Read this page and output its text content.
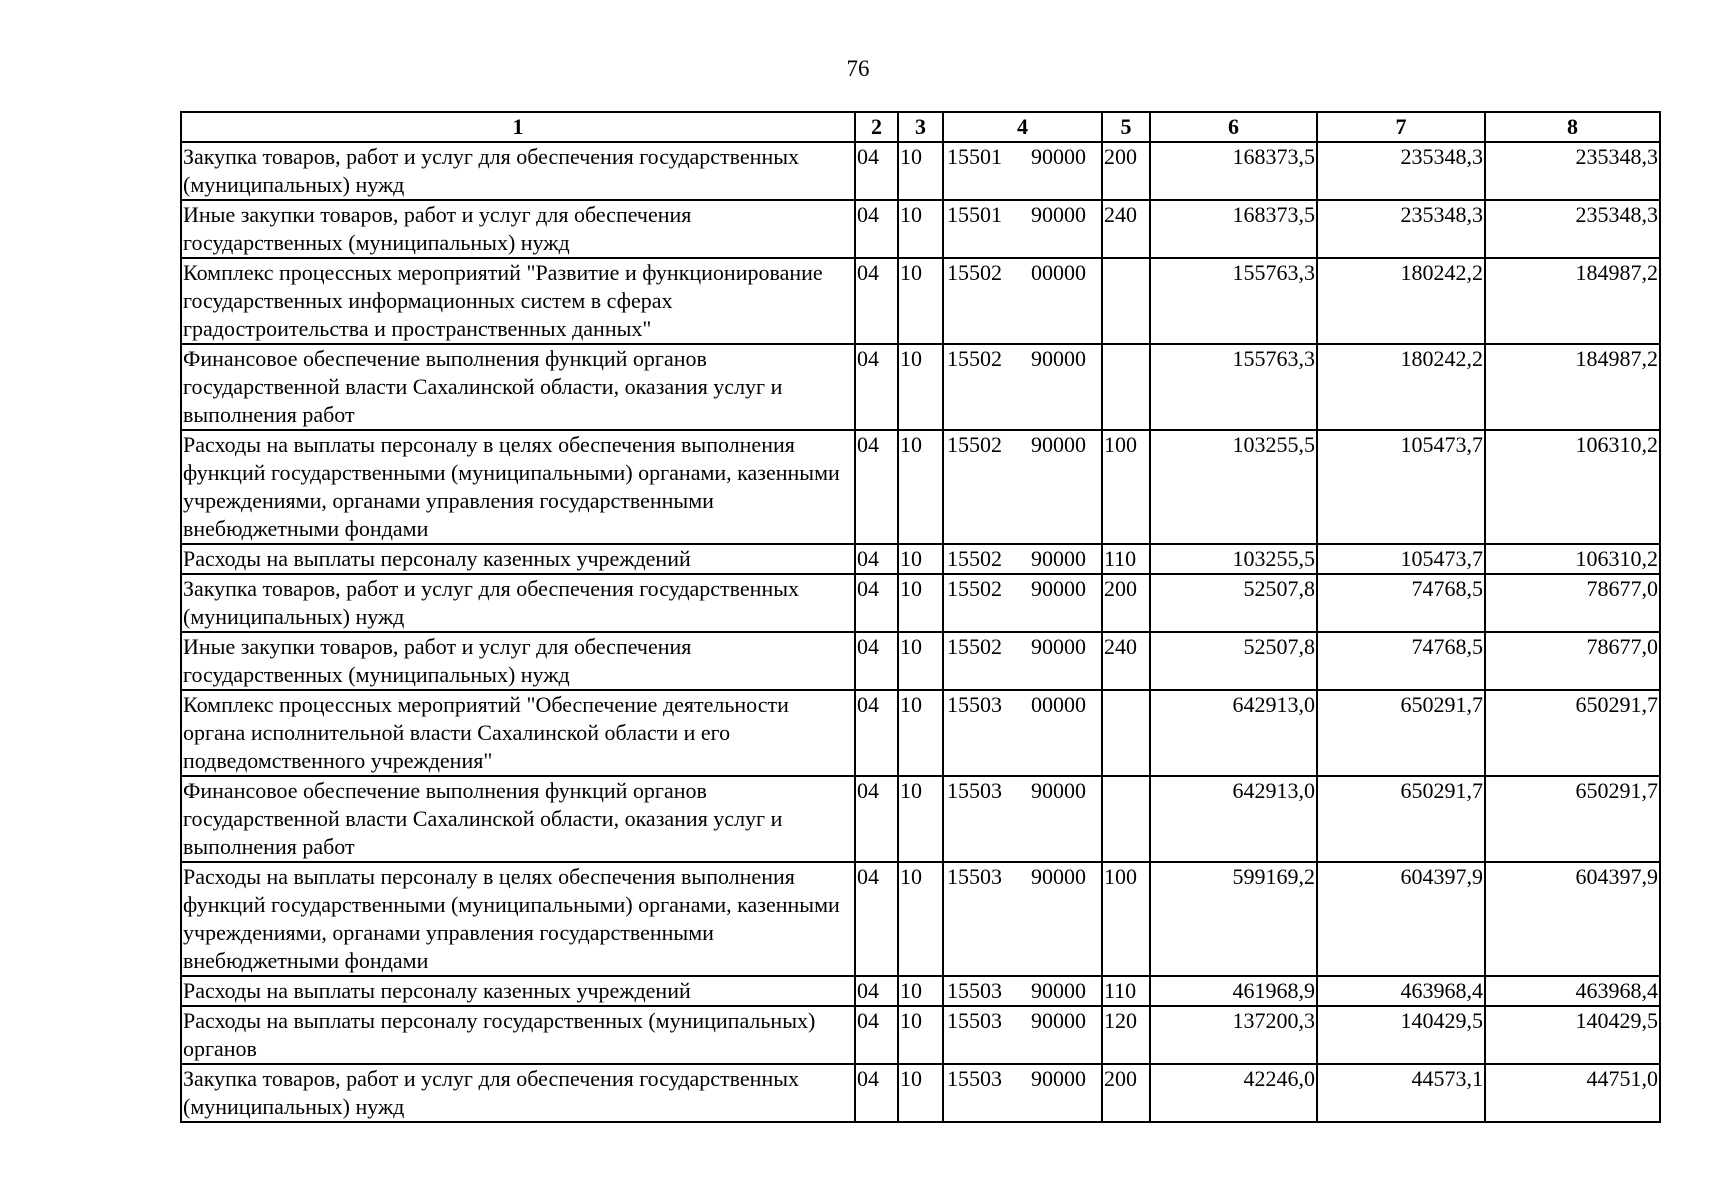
76
1	2	3	4	5	6	7	8
Закупка товаров, работ и услуг для обеспечения государственных (муниципальных) нужд	04	10	15501 90000	200	168373,5	235348,3	235348,3
Иные закупки товаров, работ и услуг для обеспечения государственных (муниципальных) нужд	04	10	15501 90000	240	168373,5	235348,3	235348,3
Комплекс процессных мероприятий "Развитие и функционирование государственных информационных систем в сферах градостроительства и пространственных данных"	04	10	15502 00000		155763,3	180242,2	184987,2
Финансовое обеспечение выполнения функций органов государственной власти Сахалинской области, оказания услуг и выполнения работ	04	10	15502 90000		155763,3	180242,2	184987,2
Расходы на выплаты персоналу в целях обеспечения выполнения функций государственными (муниципальными) органами, казенными учреждениями, органами управления государственными внебюджетными фондами	04	10	15502 90000	100	103255,5	105473,7	106310,2
Расходы на выплаты персоналу казенных учреждений	04	10	15502 90000	110	103255,5	105473,7	106310,2
Закупка товаров, работ и услуг для обеспечения государственных (муниципальных) нужд	04	10	15502 90000	200	52507,8	74768,5	78677,0
Иные закупки товаров, работ и услуг для обеспечения государственных (муниципальных) нужд	04	10	15502 90000	240	52507,8	74768,5	78677,0
Комплекс процессных мероприятий "Обеспечение деятельности органа исполнительной власти Сахалинской области и его подведомственного учреждения"	04	10	15503 00000		642913,0	650291,7	650291,7
Финансовое обеспечение выполнения функций органов государственной власти Сахалинской области, оказания услуг и выполнения работ	04	10	15503 90000		642913,0	650291,7	650291,7
Расходы на выплаты персоналу в целях обеспечения выполнения функций государственными (муниципальными) органами, казенными учреждениями, органами управления государственными внебюджетными фондами	04	10	15503 90000	100	599169,2	604397,9	604397,9
Расходы на выплаты персоналу казенных учреждений	04	10	15503 90000	110	461968,9	463968,4	463968,4
Расходы на выплаты персоналу государственных (муниципальных) органов	04	10	15503 90000	120	137200,3	140429,5	140429,5
Закупка товаров, работ и услуг для обеспечения государственных (муниципальных) нужд	04	10	15503 90000	200	42246,0	44573,1	44751,0
